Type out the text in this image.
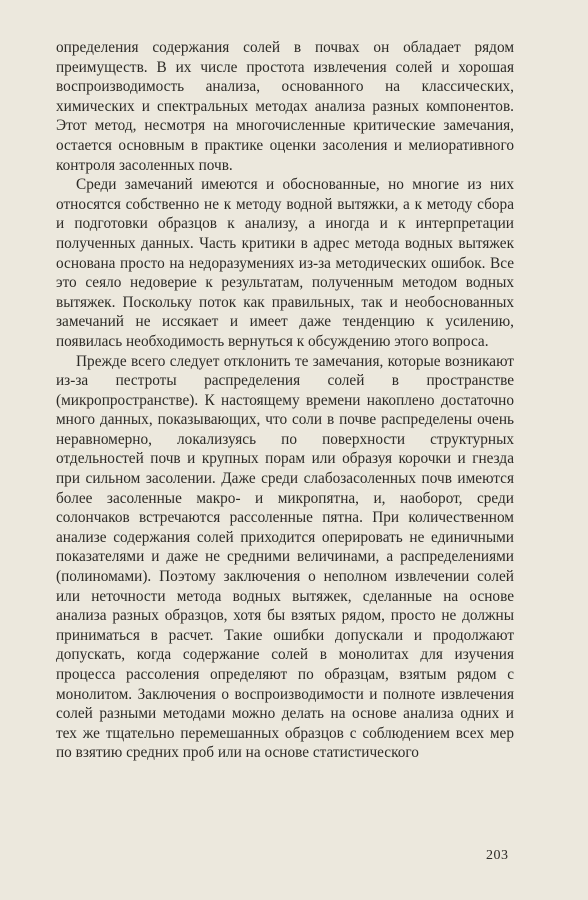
определения содержания солей в почвах он обладает рядом преимуществ. В их числе простота извлечения солей и хорошая воспроизводимость анализа, основанного на классических, химических и спектральных методах анализа разных компонентов. Этот метод, несмотря на многочисленные критические замечания, остается основным в практике оценки засоления и мелиоративного контроля засоленных почв.

Среди замечаний имеются и обоснованные, но многие из них относятся собственно не к методу водной вытяжки, а к методу сбора и подготовки образцов к анализу, а иногда и к интерпретации полученных данных. Часть критики в адрес метода водных вытяжек основана просто на недоразумениях из-за методических ошибок. Все это сеяло недоверие к результатам, полученным методом водных вытяжек. Поскольку поток как правильных, так и необоснованных замечаний не иссякает и имеет даже тенденцию к усилению, появилась необходимость вернуться к обсуждению этого вопроса.

Прежде всего следует отклонить те замечания, которые возникают из-за пестроты распределения солей в пространстве (микропространстве). К настоящему времени накоплено достаточно много данных, показывающих, что соли в почве распределены очень неравномерно, локализуясь по поверхности структурных отдельностей почв и крупных порам или образуя корочки и гнезда при сильном засолении. Даже среди слабозасоленных почв имеются более засоленные макро- и микропятна, и, наоборот, среди солончаков встречаются рассоленные пятна. При количественном анализе содержания солей приходится оперировать не единичными показателями и даже не средними величинами, а распределениями (полиномами). Поэтому заключения о неполном извлечении солей или неточности метода водных вытяжек, сделанные на основе анализа разных образцов, хотя бы взятых рядом, просто не должны приниматься в расчет. Такие ошибки допускали и продолжают допускать, когда содержание солей в монолитах для изучения процесса рассоления определяют по образцам, взятым рядом с монолитом. Заключения о воспроизводимости и полноте извлечения солей разными методами можно делать на основе анализа одних и тех же тщательно перемешанных образцов с соблюдением всех мер по взятию средних проб или на основе статистического

203
